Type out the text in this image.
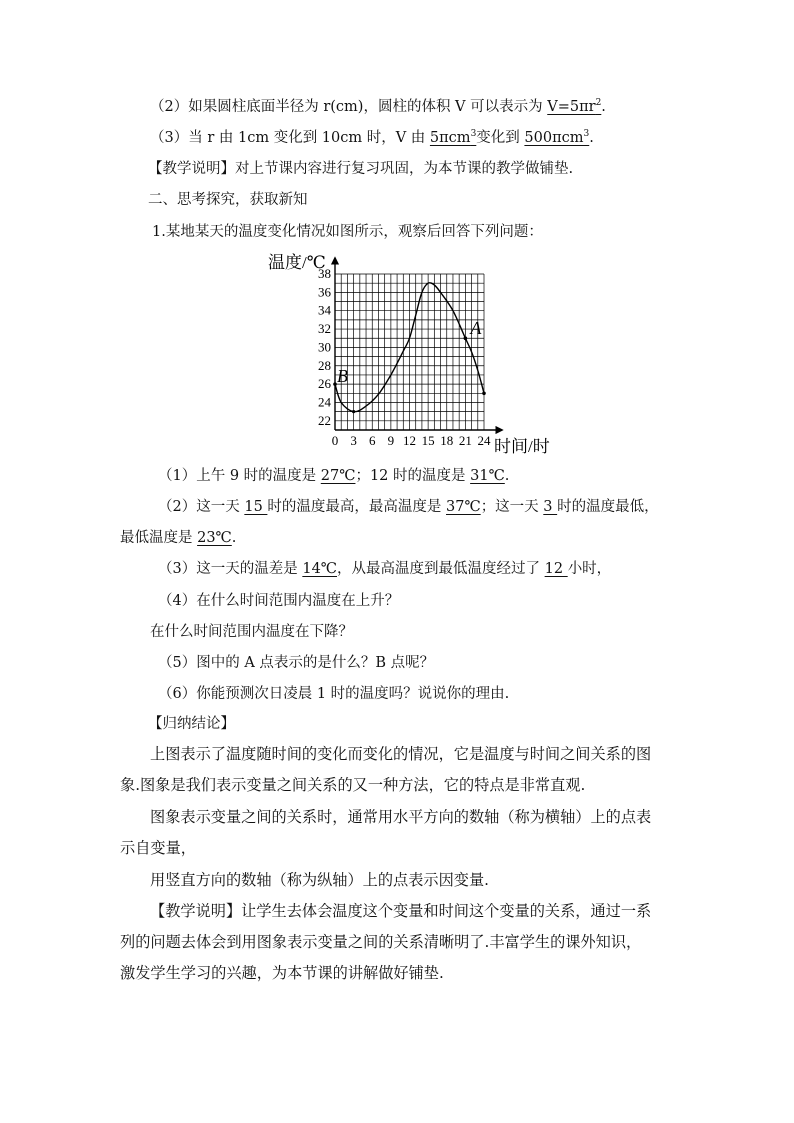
（2）如果圆柱底面半径为 r(cm)，圆柱的体积 V 可以表示为 $V=5\pi r^2$.
（3）当 r 由 1cm 变化到 10cm 时，V 由 5πcm$^3$变化到 500πcm$^3$.
【教学说明】对上节课内容进行复习巩固，为本节课的教学做铺垫.
二、思考探究，获取新知
1.某地某天的温度变化情况如图所示，观察后回答下列问题：
0 3 6 9 12 15 18 21 24
22
24
26
28
30
32
34
36
38
B
A
温度/℃
时间/时
（1）上午 9 时的温度是 27℃；12 时的温度是 31℃.
（2）这一天 15 时的温度最高，最高温度是 37℃；这一天 3 时的温度最低，
最低温度是 23℃.
（3）这一天的温差是 14℃，从最高温度到最低温度经过了 12 小时，
（4）在什么时间范围内温度在上升？
在什么时间范围内温度在下降？
（5）图中的 A 点表示的是什么？B 点呢？
（6）你能预测次日凌晨 1 时的温度吗？说说你的理由.
【归纳结论】
上图表示了温度随时间的变化而变化的情况，它是温度与时间之间关系的图
象.图象是我们表示变量之间关系的又一种方法，它的特点是非常直观.
图象表示变量之间的关系时，通常用水平方向的数轴（称为横轴）上的点表
示自变量，
用竖直方向的数轴（称为纵轴）上的点表示因变量.
【教学说明】让学生去体会温度这个变量和时间这个变量的关系，通过一系
列的问题去体会到用图象表示变量之间的关系清晰明了.丰富学生的课外知识，
激发学生学习的兴趣，为本节课的讲解做好铺垫.
